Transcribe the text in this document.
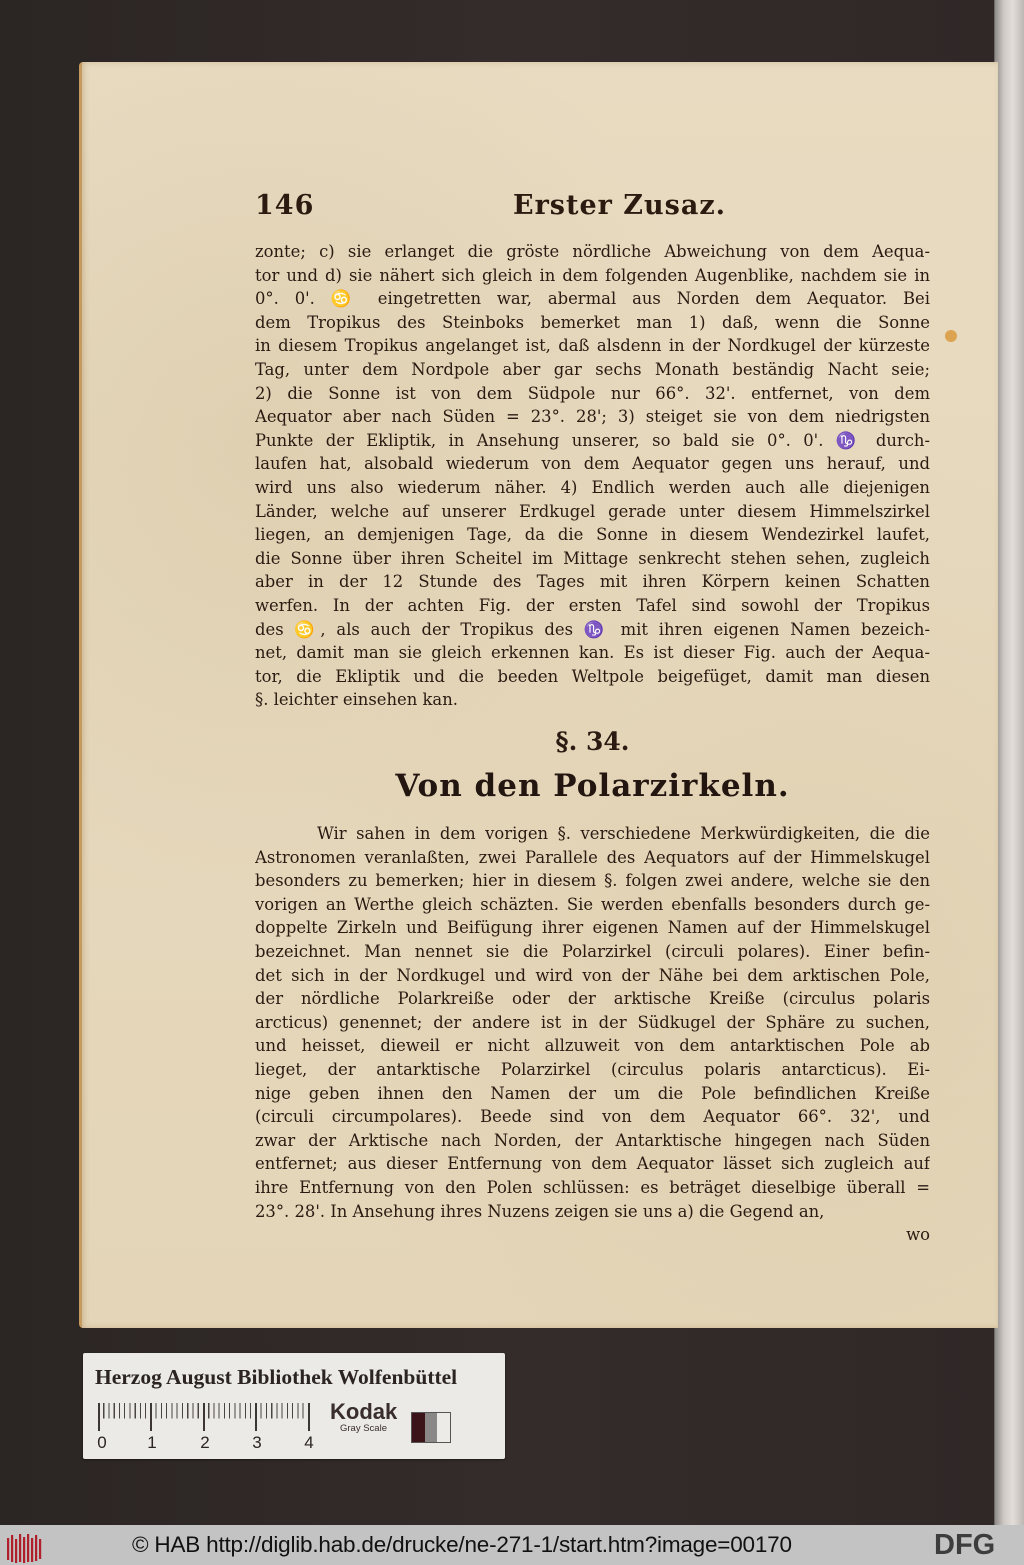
146	Erster Zusaz.
zonte; c) sie erlanget die gröste nördliche Abweichung von dem Aequa-
tor und d) sie nähert sich gleich in dem folgenden Augenblike, nachdem sie in
0°. 0'. ♋ eingetretten war, abermal aus Norden dem Aequator. Bei
dem Tropikus des Steinboks bemerket man 1) daß, wenn die Sonne
in diesem Tropikus angelanget ist, daß alsdenn in der Nordkugel der kürzeste
Tag, unter dem Nordpole aber gar sechs Monath beständig Nacht seie;
2) die Sonne ist von dem Südpole nur 66°. 32'. entfernet, von dem
Aequator aber nach Süden = 23°. 28'; 3) steiget sie von dem niedrigsten
Punkte der Ekliptik, in Ansehung unserer, so bald sie 0°. 0'. ♑ durch-
laufen hat, alsobald wiederum von dem Aequator gegen uns herauf, und
wird uns also wiederum näher. 4) Endlich werden auch alle diejenigen
Länder, welche auf unserer Erdkugel gerade unter diesem Himmelszirkel
liegen, an demjenigen Tage, da die Sonne in diesem Wendezirkel laufet,
die Sonne über ihren Scheitel im Mittage senkrecht stehen sehen, zugleich
aber in der 12 Stunde des Tages mit ihren Körpern keinen Schatten
werfen. In der achten Fig. der ersten Tafel sind sowohl der Tropikus
des ♋, als auch der Tropikus des ♑ mit ihren eigenen Namen bezeich-
net, damit man sie gleich erkennen kan. Es ist dieser Fig. auch der Aequa-
tor, die Ekliptik und die beeden Weltpole beigefüget, damit man diesen
§. leichter einsehen kan.
§. 34.
Von den Polarzirkeln.
Wir sahen in dem vorigen §. verschiedene Merkwürdigkeiten, die die
Astronomen veranlaßten, zwei Parallele des Aequators auf der Himmelskugel
besonders zu bemerken; hier in diesem §. folgen zwei andere, welche sie den
vorigen an Werthe gleich schäzten. Sie werden ebenfalls besonders durch ge-
doppelte Zirkeln und Beifügung ihrer eigenen Namen auf der Himmelskugel
bezeichnet. Man nennet sie die Polarzirkel (circuli polares). Einer befin-
det sich in der Nordkugel und wird von der Nähe bei dem arktischen Pole,
der nördliche Polarkreiße oder der arktische Kreiße (circulus polaris
arcticus) genennet; der andere ist in der Südkugel der Sphäre zu suchen,
und heisset, dieweil er nicht allzuweit von dem antarktischen Pole ab
lieget, der antarktische Polarzirkel (circulus polaris antarcticus). Ei-
nige geben ihnen den Namen der um die Pole befindlichen Kreiße
(circuli circumpolares). Beede sind von dem Aequator 66°. 32', und
zwar der Arktische nach Norden, der Antarktische hingegen nach Süden
entfernet; aus dieser Entfernung von dem Aequator lässet sich zugleich auf
ihre Entfernung von den Polen schlüssen: es beträget dieselbige überall =
23°. 28'. In Ansehung ihres Nuzens zeigen sie uns a) die Gegend an,
wo
Herzog August Bibliothek Wolfenbüttel
0 1	2	3	4
Kodak
Gray Scale
© HAB http://diglib.hab.de/drucke/ne-271-1/start.htm?image=00170	DFG
